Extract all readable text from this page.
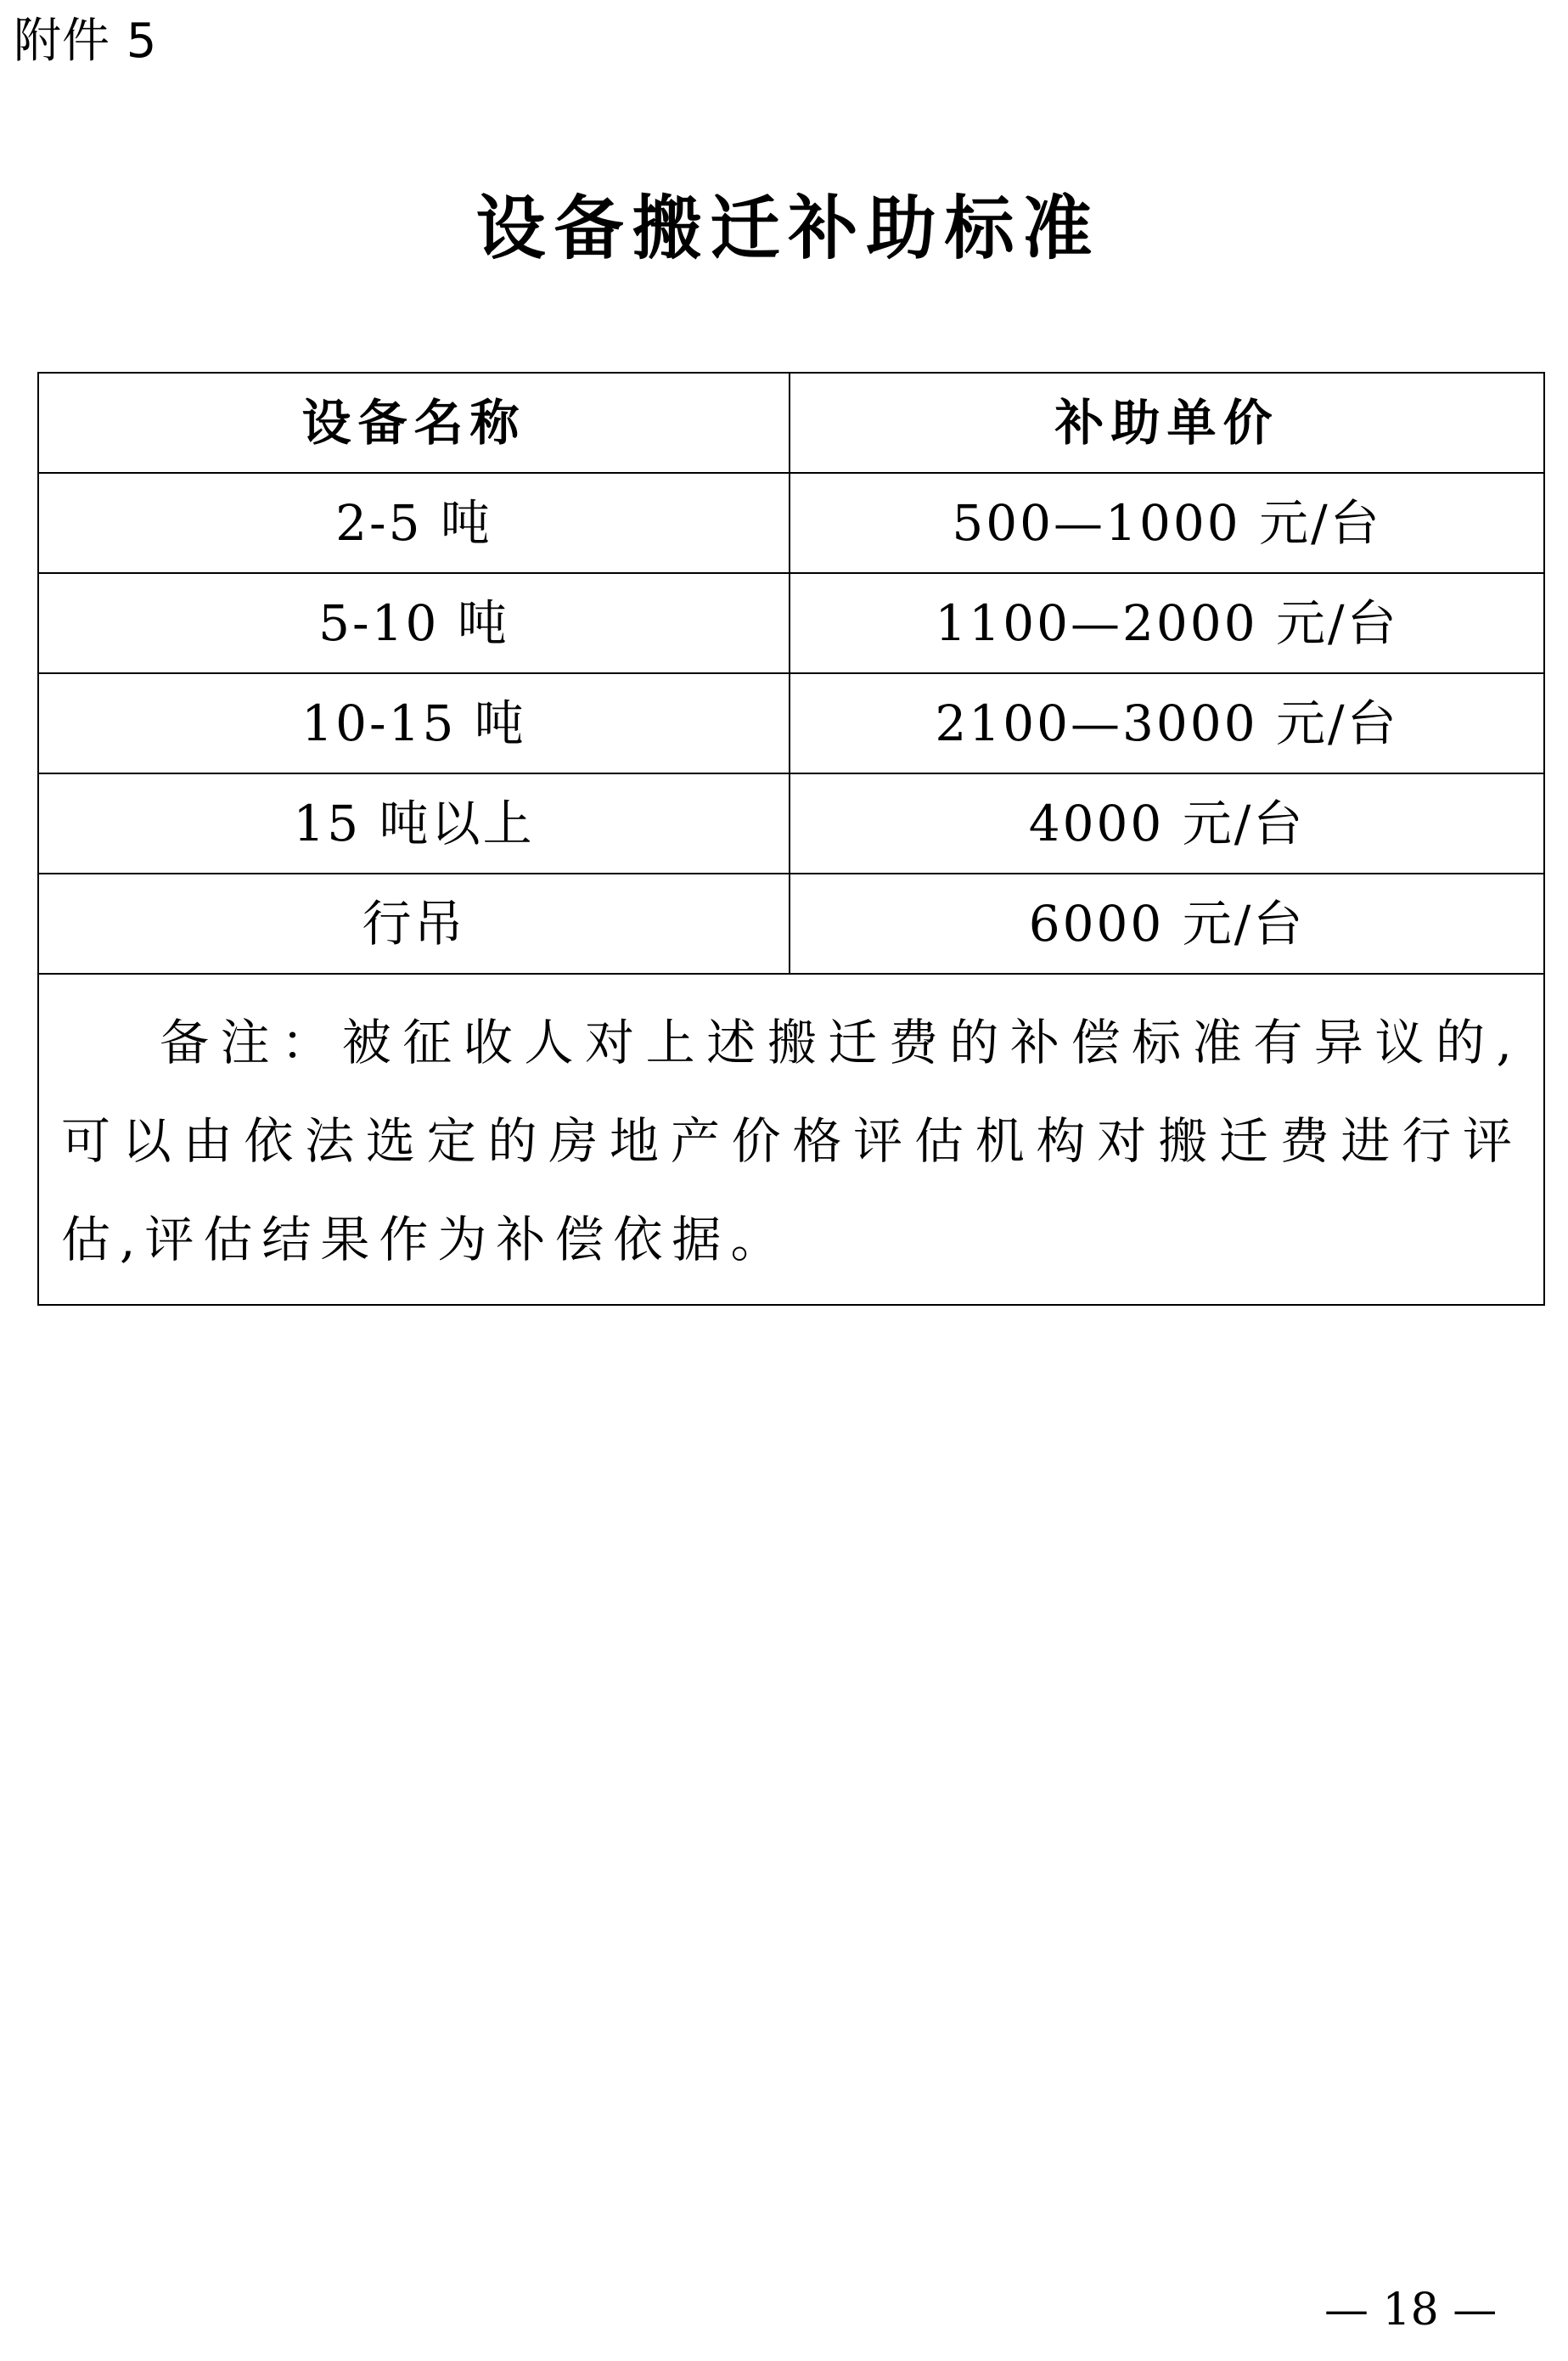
附件 5
设备搬迁补助标准
设备名称	补助单价
2-5 吨	500—1000 元/台
5-10 吨	1100—2000 元/台
10-15 吨	2100—3000 元/台
15 吨以上	4000 元/台
行吊	6000 元/台

备注：被征收人对上述搬迁费的补偿标准有异议的,可以由依法选定的房地产价格评估机构对搬迁费进行评估,评估结果作为补偿依据。	
— 18 —
